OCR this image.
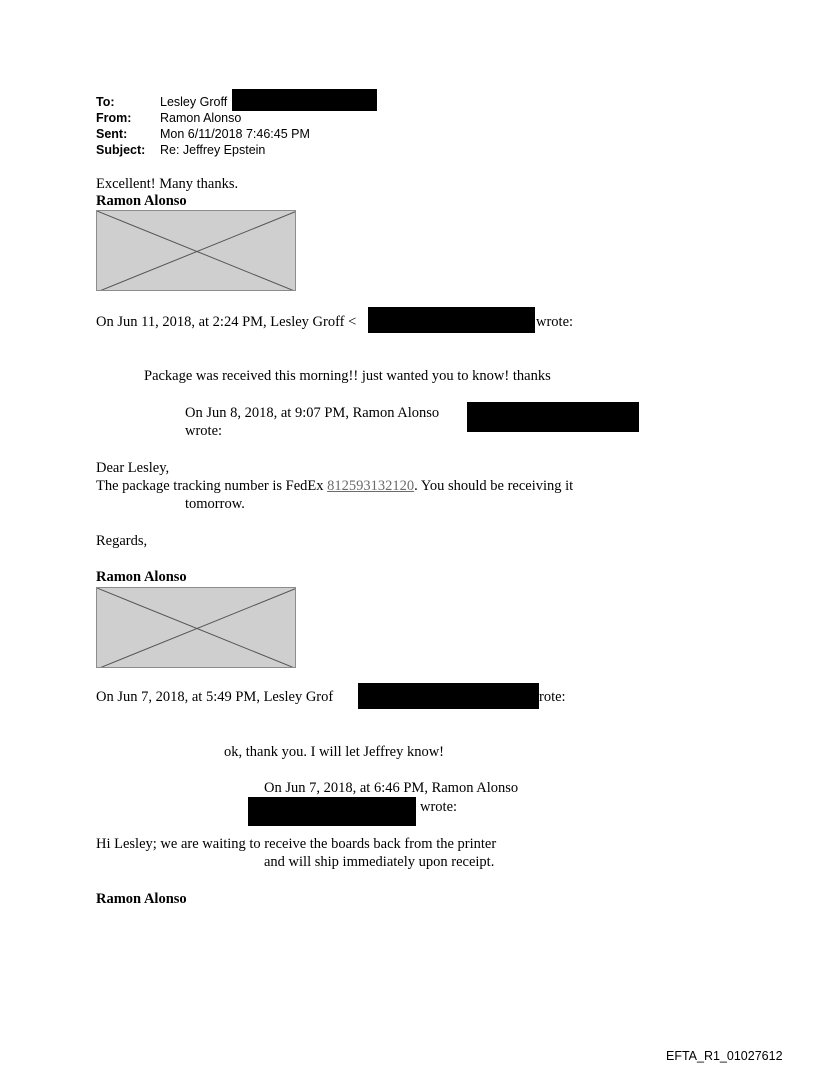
To:	Lesley Groff
From: Ramon Alonso
Sent:	Mon 6/11/2018 7:46:45 PM
Subject: Re: Jeffrey Epstein
Excellent! Many thanks.
Ramon Alonso
On Jun 11, 2018, at 2:24 PM, Lesley Groff <	wrote:
Package was received this morning!! just wanted you to know! thanks
On Jun 8, 2018, at 9:07 PM, Ramon Alonso
wrote:
Dear Lesley,
The package tracking number is FedEx 812593132120. You should be receiving it
tomorrow.
Regards,
Ramon Alonso
On Jun 7, 2018, at 5:49 PM, Lesley Grof	rote:
ok, thank you. I will let Jeffrey know!
On Jun 7, 2018, at 6:46 PM, Ramon Alonso
wrote:
Hi Lesley; we are waiting to receive the boards back from the printer
and will ship immediately upon receipt.
Ramon Alonso
EFTA_R1_01027612
